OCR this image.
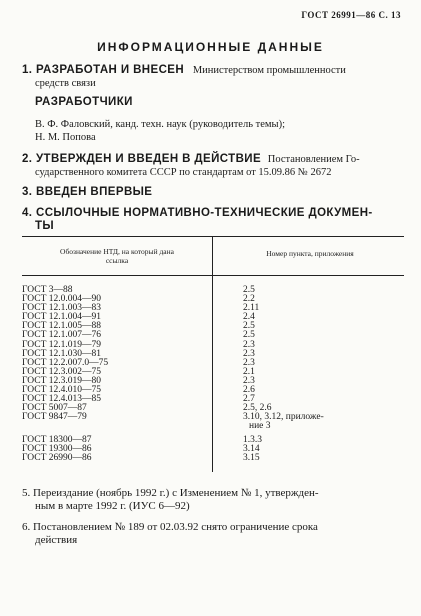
ГОСТ 26991—86 С. 13
ИНФОРМАЦИОННЫЕ ДАННЫЕ
1. РАЗРАБОТАН И ВНЕСЕН Министерством промышленности
средств связи
РАЗРАБОТЧИКИ
В. Ф. Фаловский, канд. техн. наук (руководитель темы);
Н. М. Попова
2. УТВЕРЖДЕН И ВВЕДЕН В ДЕЙСТВИЕ Постановлением Го-
сударственного комитета СССР по стандартам от 15.09.86 № 2672
3. ВВЕДЕН ВПЕРВЫЕ
4. ССЫЛОЧНЫЕ НОРМАТИВНО-ТЕХНИЧЕСКИЕ ДОКУМЕН-
ТЫ
Обозначение НТД, на который дана
ссылка
Номер пункта, приложения
ГОСТ 3—88	2.5
ГОСТ 12.0.004—90	2.2
ГОСТ 12.1.003—83	2.11
ГОСТ 12.1.004—91	2.4
ГОСТ 12.1.005—88	2.5
ГОСТ 12.1.007—76	2.5
ГОСТ 12.1.019—79	2.3
ГОСТ 12.1.030—81	2.3
ГОСТ 12.2.007.0—75	2.3
ГОСТ 12.3.002—75	2.1
ГОСТ 12.3.019—80	2.3
ГОСТ 12.4.010—75	2.6
ГОСТ 12.4.013—85	2.7
ГОСТ 5007—87	2.5, 2.6
ГОСТ 9847—79	3.10, 3.12, приложе-
ние 3
ГОСТ 18300—87	1.3.3
ГОСТ 19300—86	3.14
ГОСТ 26990—86	3.15
5. Переиздание (ноябрь 1992 г.) с Изменением № 1, утвержден-
ным в марте 1992 г. (ИУС 6—92)
6. Постановлением № 189 от 02.03.92 снято ограничение срока
действия
